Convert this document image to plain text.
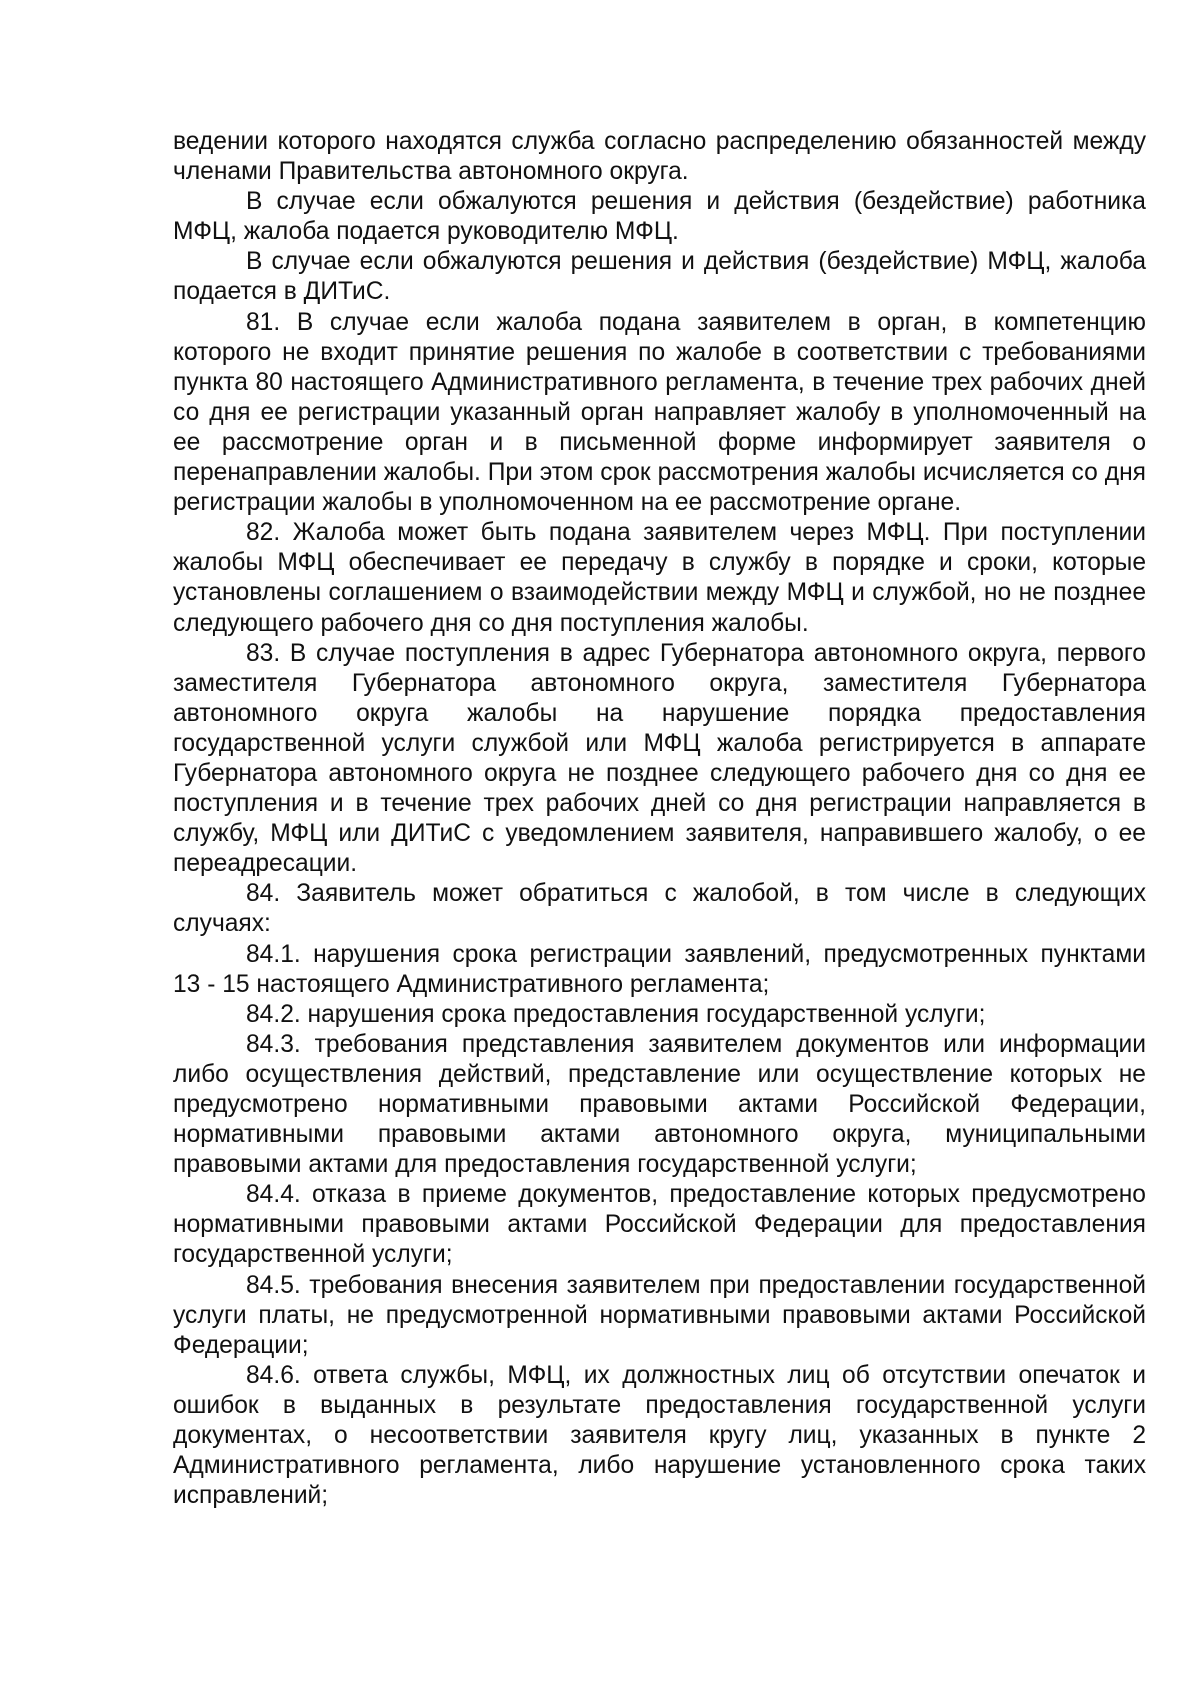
ведении которого находятся служба согласно распределению обязанностей между членами Правительства автономного округа.

В случае если обжалуются решения и действия (бездействие) работника МФЦ, жалоба подается руководителю МФЦ.

В случае если обжалуются решения и действия (бездействие) МФЦ, жалоба подается в ДИТиС.

81. В случае если жалоба подана заявителем в орган, в компетенцию которого не входит принятие решения по жалобе в соответствии с требованиями пункта 80 настоящего Административного регламента, в течение трех рабочих дней со дня ее регистрации указанный орган направляет жалобу в уполномоченный на ее рассмотрение орган и в письменной форме информирует заявителя о перенаправлении жалобы. При этом срок рассмотрения жалобы исчисляется со дня регистрации жалобы в уполномоченном на ее рассмотрение органе.

82. Жалоба может быть подана заявителем через МФЦ. При поступлении жалобы МФЦ обеспечивает ее передачу в службу в порядке и сроки, которые установлены соглашением о взаимодействии между МФЦ и службой, но не позднее следующего рабочего дня со дня поступления жалобы.

83. В случае поступления в адрес Губернатора автономного округа, первого заместителя Губернатора автономного округа, заместителя Губернатора автономного округа жалобы на нарушение порядка предоставления государственной услуги службой или МФЦ жалоба регистрируется в аппарате Губернатора автономного округа не позднее следующего рабочего дня со дня ее поступления и в течение трех рабочих дней со дня регистрации направляется в службу, МФЦ или ДИТиС с уведомлением заявителя, направившего жалобу, о ее переадресации.

84. Заявитель может обратиться с жалобой, в том числе в следующих случаях:

84.1. нарушения срока регистрации заявлений, предусмотренных пунктами 13 - 15 настоящего Административного регламента;

84.2. нарушения срока предоставления государственной услуги;

84.3. требования представления заявителем документов или информации либо осуществления действий, представление или осуществление которых не предусмотрено нормативными правовыми актами Российской Федерации, нормативными правовыми актами автономного округа, муниципальными правовыми актами для предоставления государственной услуги;

84.4. отказа в приеме документов, предоставление которых предусмотрено нормативными правовыми актами Российской Федерации для предоставления государственной услуги;

84.5. требования внесения заявителем при предоставлении государственной услуги платы, не предусмотренной нормативными правовыми актами Российской Федерации;

84.6. ответа службы, МФЦ, их должностных лиц об отсутствии опечаток и ошибок в выданных в результате предоставления государственной услуги документах, о несоответствии заявителя кругу лиц, указанных в пункте 2 Административного регламента, либо нарушение установленного срока таких исправлений;
